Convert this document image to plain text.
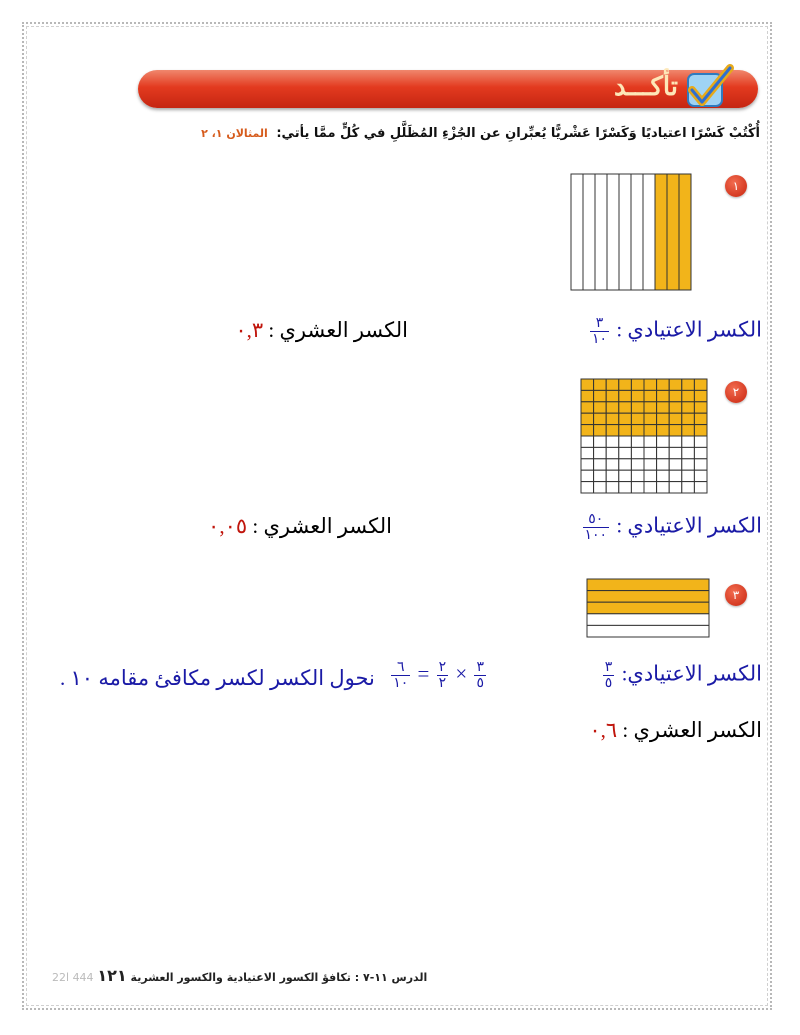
تأكـــد
أُكْتُبْ كَسْرًا اعتياديًا وَكَسْرًا عَشْريًّا يُعبِّرانِ عن الجُزْءِ المُظَلَّلِ في كُلٍّ ممَّا يأتي: المثالان ١، ٢
١
الكسر الاعتيادي :
$\frac{٣}{١٠}$
الكسر العشري : ٠,٣
٢
الكسر الاعتيادي :
$\frac{٥٠}{١٠٠}$
الكسر العشري : ٠,٠٥
٣
الكسر الاعتيادي:
$\frac{٣}{٥}$
$\frac{٦}{١٠} = \frac{٢}{٢} \times \frac{٣}{٥}$
نحول الكسر لكسر مكافئ مقامه ١٠ .
الكسر العشري : ٠,٦
الدرس ١١-٧ : تكافؤ الكسور الاعتيادية والكسور العشرية ١٢١ 444 ا22
